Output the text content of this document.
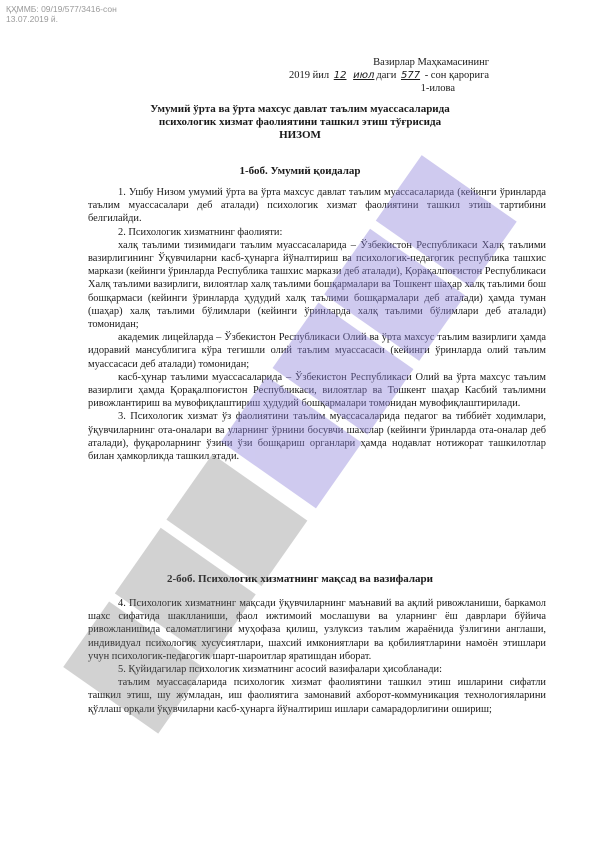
ҚҲММБ: 09/19/577/3416-сон
13.07.2019 й.
Вазирлар Маҳкамасининг
2019 йил 12 июл даги 577 - сон қарорига
1-илова
Умумий ўрта ва ўрта махсус давлат таълим муассасаларида
психологик хизмат фаолиятини ташкил этиш тўғрисида
НИЗОМ
1-боб. Умумий қоидалар

1. Ушбу Низом умумий ўрта ва ўрта махсус давлат таълим муассасаларида (кейинги ўринларда таълим муассасалари деб аталади) психологик хизмат фаолиятини ташкил этиш тартибини белгилайди.

2. Психологик хизматнинг фаолияти:

халқ таълими тизимидаги таълим муассасаларида – Ўзбекистон Республикаси Халқ таълими вазирлигининг Ўқувчиларни касб-ҳунарга йўналтириш ва психологик-педагогик республика ташхис маркази (кейинги ўринларда Республика ташхис маркази деб аталади), Қорақалпоғистон Республикаси Халқ таълими вазирлиги, вилоятлар халқ таълими бошқармалари ва Тошкент шаҳар халқ таълими бош бошқармаси (кейинги ўринларда ҳудудий халқ таълими бошқармалари деб аталади) ҳамда туман (шаҳар) халқ таълими бўлимлари (кейинги ўринларда халқ таълими бўлимлари деб аталади) томонидан;

академик лицейларда – Ўзбекистон Республикаси Олий ва ўрта махсус таълим вазирлиги ҳамда идоравий мансублигига кўра тегишли олий таълим муассасаси (кейинги ўринларда олий таълим муассасаси деб аталади) томонидан;

касб-ҳунар таълими муассасаларида – Ўзбекистон Республикаси Олий ва ўрта махсус таълим вазирлиги ҳамда Қорақалпоғистон Республикаси, вилоятлар ва Тошкент шаҳар Касбий таълимни ривожлантириш ва мувофиқлаштириш ҳудудий бошқармалари томонидан мувофиқлаштирилади.

3. Психологик хизмат ўз фаолиятини таълим муассасаларида педагог ва тиббиёт ходимлари, ўқувчиларнинг ота-оналари ва уларнинг ўрнини босувчи шахслар (кейинги ўринларда ота-оналар деб аталади), фуқароларнинг ўзини ўзи бошқариш органлари ҳамда нодавлат нотижорат ташкилотлар билан ҳамкорликда ташкил этади.

2-боб. Психологик хизматнинг мақсад ва вазифалари

4. Психологик хизматнинг мақсади ўқувчиларнинг маънавий ва ақлий ривожланиши, баркамол шахс сифатида шаклланиши, фаол ижтимоий мослашуви ва уларнинг ёш даврлари бўйича ривожланишида саломатлигини муҳофаза қилиш, узлуксиз таълим жараёнида ўзлигини англаши, индивидуал психологик хусусиятлари, шахсий имкониятлари ва қобилиятларини намоён этишлари учун психологик-педагогик шарт-шароитлар яратишдан иборат.

5. Қуйидагилар психологик хизматнинг асосий вазифалари ҳисобланади:

таълим муассасаларида психологик хизмат фаолиятини ташкил этиш ишларини сифатли ташкил этиш, шу жумладан, иш фаолиятига замонавий ахборот-коммуникация технологияларини қўллаш орқали ўқувчиларни касб-ҳунарга йўналтириш ишлари самарадорлигини ошириш;
